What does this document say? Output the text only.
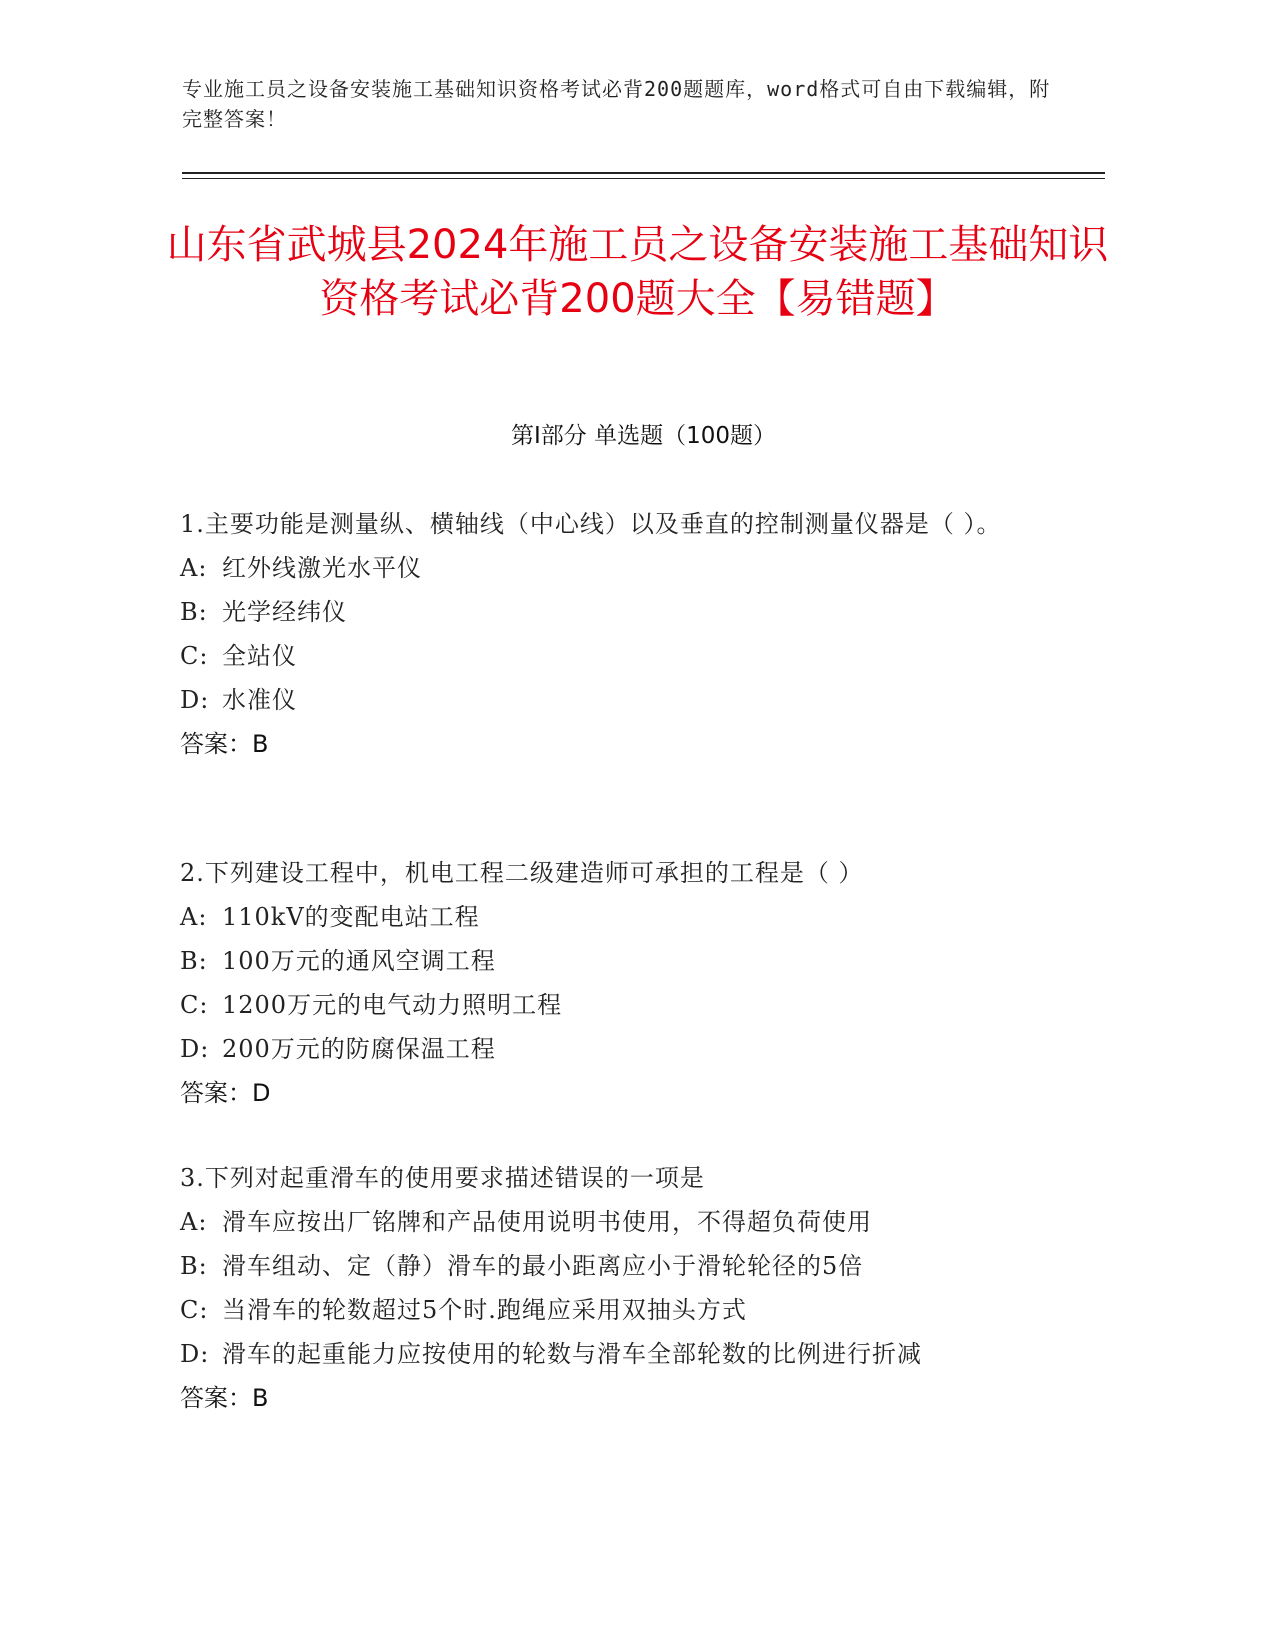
专业施工员之设备安装施工基础知识资格考试必背200题题库，word格式可自由下载编辑，附完整答案！
山东省武城县2024年施工员之设备安装施工基础知识资格考试必背200题大全【易错题】
第Ⅰ部分 单选题（100题）

1.主要功能是测量纵、横轴线（中心线）以及垂直的控制测量仪器是（ ）。

A: 红外线激光水平仪

B: 光学经纬仪

C: 全站仪

D: 水准仪

答案：B

2.下列建设工程中，机电工程二级建造师可承担的工程是（ ）

A: 110kV的变配电站工程

B: 100万元的通风空调工程

C: 1200万元的电气动力照明工程

D: 200万元的防腐保温工程

答案：D

3.下列对起重滑车的使用要求描述错误的一项是

A: 滑车应按出厂铭牌和产品使用说明书使用，不得超负荷使用

B: 滑车组动、定（静）滑车的最小距离应小于滑轮轮径的5倍

C: 当滑车的轮数超过5个时.跑绳应采用双抽头方式

D: 滑车的起重能力应按使用的轮数与滑车全部轮数的比例进行折减

答案：B
